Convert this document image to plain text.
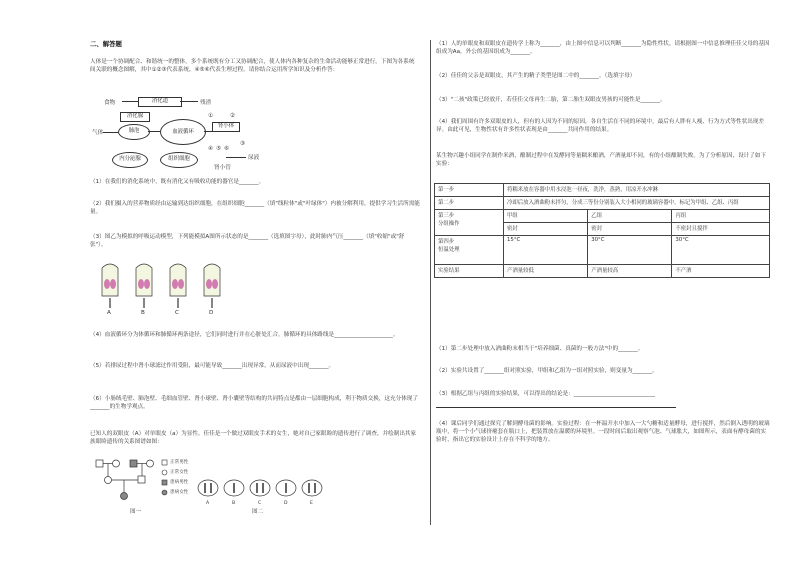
二、解答题
人体是一个协调配合、和谐统一的整体，多个系统既有分工又协调配合，使人体内各种复杂的生命活动能够正常进行。下图为各系统间关联的概念图解，其中①②③代表系统，④⑤⑥代表生理过程。请你结合运用所学知识及分析作答：
食物	消化道	残渣
消化腺
气体	肺泡	血液循环
内分泌腺	组织细胞
肾小体
肾小管
尿液
①	②
③
④ ⑤ ⑥
（1）在我们的消化系统中，既有消化又有吸收功能的器官是_______。
（2）我们摄入的营养物质经由运输到达组织细胞，在组织细胞_______（填"线粒体"或"叶绿体"）内被分解利用，提供学习生活所需能量。
（3）图乙为模拟的呼吸运动模型，下列能模拟A图所示状态的是_______（选填图字母），此时肺内气压_______（填"收缩"或"舒张"）。
A	B	C	D
（4）血液循环分为体循环和肺循环两条途径，它们同时进行并在心脏处汇合。肺循环的具体路线是_____________________。
（5）若排尿过程中肾小球滤过作用受阻，最可能导致_______出现异常，从而尿液中出现_______。
（6）小肠绒毛壁、肺泡壁、毛细血管壁、肾小球壁、肾小囊壁等结构的共同特点是都由一层细胞构成，利于物质交换，这充分体现了_______的生物学观点。
已知人的双眼皮（A）对单眼皮（a）为显性。佳佳是一个做过双眼皮手术的女生，她对自己家眼睑的遗传进行了调查，并绘制出其家族眼睑遗传的关系图谱如图：
正常男性
正常女性
患病男性
患病女性
图一
A	B	C	D	E
图二
（1）人的单眼皮和双眼皮在遗传学上称为_______，由上图中信息可以判断_______为隐性性状。请根据图一中信息推理佳佳父母的基因组成为Aa，外公的基因组成为_______。
（2）佳佳的父亲是双眼皮，其产生的精子类型是图二中的_______。（选填字母）
（3）"二孩"政策已经放开，若佳佳父母再生二胎，第二胎生双眼皮男孩的可能性是_______。
（4）我们周围有许多双眼皮的人，但有的人因为不同的原因，各自生活在不同的环境中，最后有人胖有人瘦、行为方式等性状出现差异。由此可见，生物性状有许多性状表现是由_______共同作用的结果。
某生物兴趣小组同学在制作米酒，酿制过程中在发酵同等量糯米酿酒，产酒量却不同，有的小组酿制失败。为了分析原因，设计了如下实验：
第一步	将糯米放在容器中用水浸泡一昼夜，洗净，蒸熟，用凉开水冲淋		
第二步	冷却后放入酒曲粉末拌匀，分成三等份分别装入大小相同的玻璃容器中，标记为甲组、乙组、丙组		
第三步
分组操作	甲组	乙组	丙组
	密封	密封	不密封且搅拌
第四步
恒温处理	15°C	30°C	30°C
实验结果	产酒量较低	产酒量较高	不产酒
（1）第二步处理中放入酒曲粉末相当于"培养细菌、真菌的一般方法"中的_______。
（2）实验共设置了_______组对照实验，甲组和乙组为一组对照实验，则变量为_______。
（3）根据乙组与丙组的实验结果，可以得出的结论是：_____________________________
（4）课后同学们通过探究了解到酵母菌的影响。实验过程：在一杯温开水中加入一大勺糖和适量酵母，进行搅拌，然后倒入透明的玻璃瓶中，将一个小气球挤瘪套在瓶口上，把装置放在温暖的环境里。一段时间后取出观察气泡、气球胀大，如图所示，表面有酵母菌的实验时，指出它的实验设计上存在不科学的地方。
